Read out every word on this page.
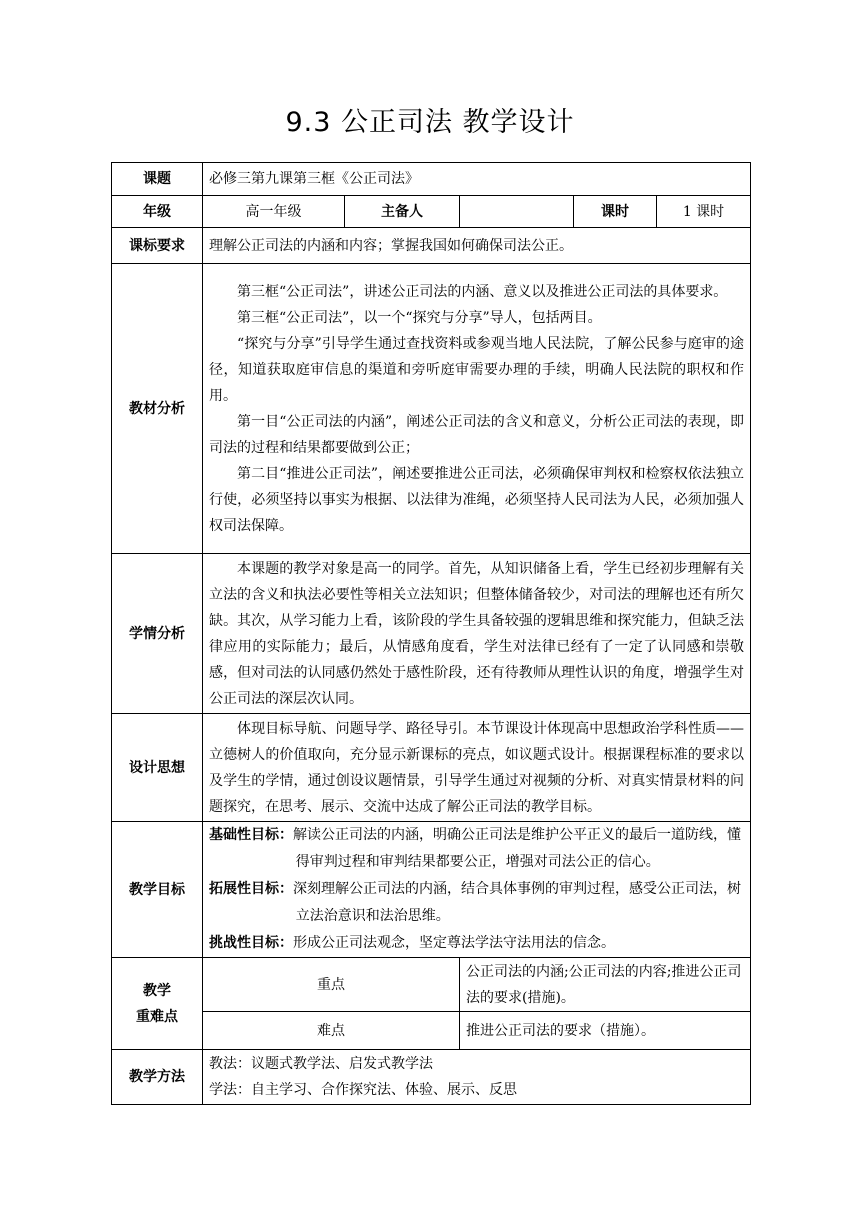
9.3 公正司法 教学设计
课题	必修三第九课第三框《公正司法》				
年级	高一年级	主备人		课时	1 课时
课标要求	理解公正司法的内涵和内容；掌握我国如何确保司法公正。				
教材分析	第三框“公正司法”，讲述公正司法的内涵、意义以及推进公正司法的具体要求。

第三框“公正司法”，以一个“探究与分享”导人，包括两目。

“探究与分享”引导学生通过查找资料或参观当地人民法院，了解公民参与庭审的途径，知道获取庭审信息的渠道和旁听庭审需要办理的手续，明确人民法院的职权和作用。

第一目“公正司法的内涵”，阐述公正司法的含义和意义，分析公正司法的表现，即司法的过程和结果都要做到公正；

第二目“推进公正司法”，阐述要推进公正司法，必须确保审判权和检察权依法独立行使，必须坚持以事实为根据、以法律为准绳，必须坚持人民司法为人民，必须加强人权司法保障。				

学情分析	本课题的教学对象是高一的同学。首先，从知识储备上看，学生已经初步理解有关立法的含义和执法必要性等相关立法知识；但整体储备较少，对司法的理解也还有所欠缺。其次，从学习能力上看，该阶段的学生具备较强的逻辑思维和探究能力，但缺乏法律应用的实际能力；最后，从情感角度看，学生对法律已经有了一定了认同感和崇敬感，但对司法的认同感仍然处于感性阶段，还有待教师从理性认识的角度，增强学生对公正司法的深层次认同。				

设计思想	体现目标导航、问题导学、路径导引。本节课设计体现高中思想政治学科性质——立德树人的价值取向，充分显示新课标的亮点，如议题式设计。根据课程标准的要求以及学生的学情，通过创设议题情景，引导学生通过对视频的分析、对真实情景材料的问题探究，在思考、展示、交流中达成了解公正司法的教学目标。				

教学目标	基础性目标：解读公正司法的内涵，明确公正司法是维护公平正义的最后一道防线，懂得审判过程和审判结果都要公正，增强对司法公正的信心。

拓展性目标：深刻理解公正司法的内涵，结合具体事例的审判过程，感受公正司法，树立法治意识和法治思维。

挑战性目标：形成公正司法观念，坚定尊法学法守法用法的信念。				

教学
重难点	重点		公正司法的内涵;公正司法的内容;推进公正司法的要求(措施)。		
	难点		推进公正司法的要求（措施）。		
教学方法	教法：议题式教学法、启发式教学法
学法：自主学习、合作探究法、体验、展示、反思				
